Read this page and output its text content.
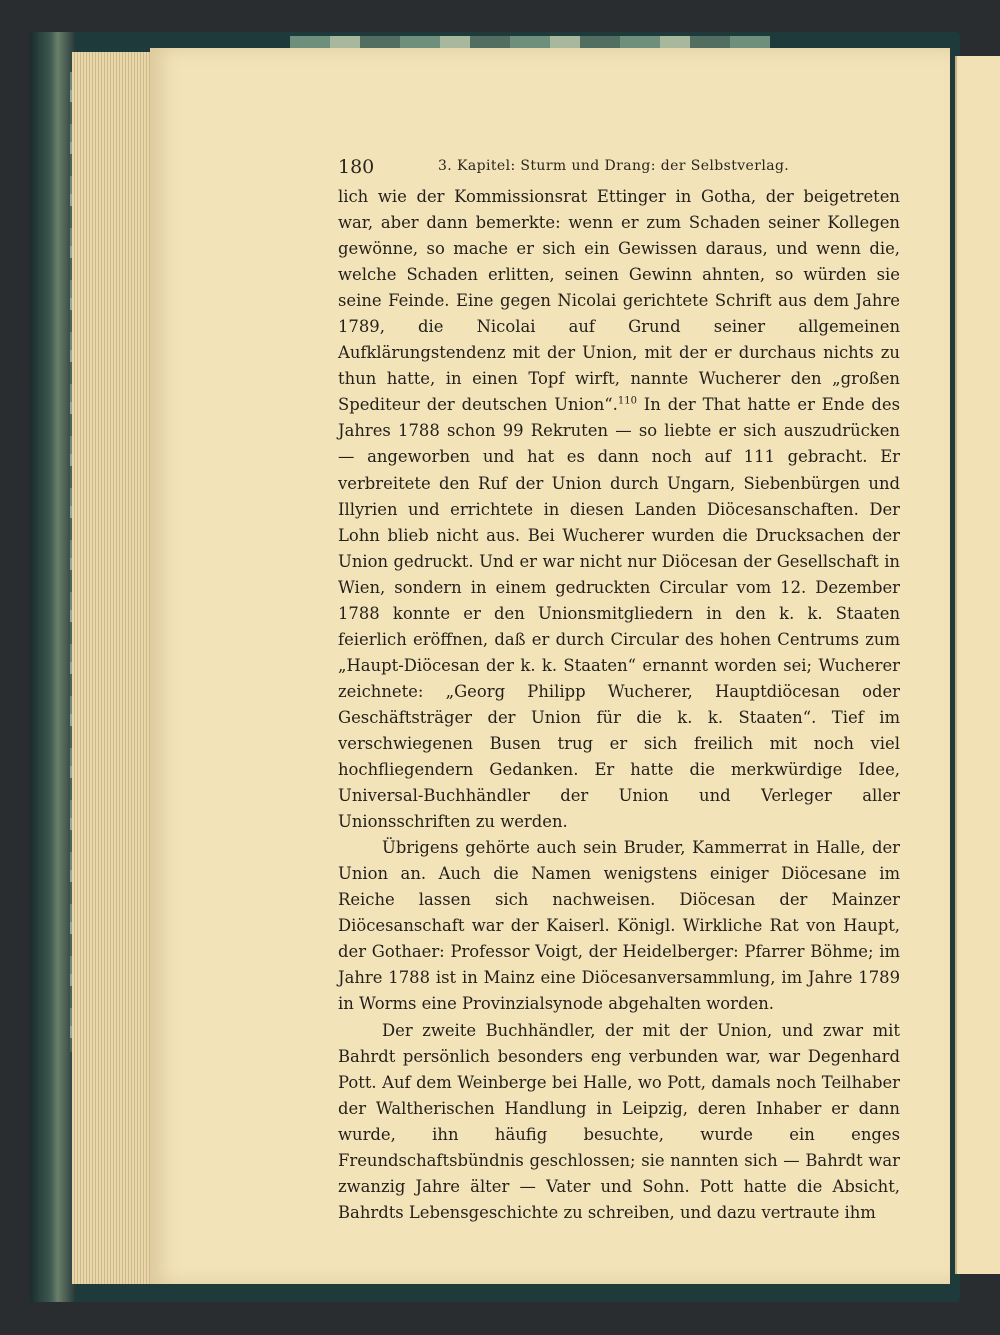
180	3. Kapitel: Sturm und Drang: der Selbstverlag.

lich wie der Kommissionsrat Ettinger in Gotha, der beigetreten war, aber dann bemerkte: wenn er zum Schaden seiner Kollegen gewönne, so mache er sich ein Gewissen daraus, und wenn die, welche Schaden erlitten, seinen Gewinn ahnten, so würden sie seine Feinde. Eine gegen Nicolai gerichtete Schrift aus dem Jahre 1789, die Nicolai auf Grund seiner allgemeinen Aufklärungstendenz mit der Union, mit der er durchaus nichts zu thun hatte, in einen Topf wirft, nannte Wucherer den „großen Spediteur der deutschen Union“.$^{110}$ In der That hatte er Ende des Jahres 1788 schon 99 Rekruten — so liebte er sich auszudrücken — angeworben und hat es dann noch auf 111 gebracht. Er verbreitete den Ruf der Union durch Ungarn, Siebenbürgen und Illyrien und errichtete in diesen Landen Diöcesanschaften. Der Lohn blieb nicht aus. Bei Wucherer wurden die Drucksachen der Union gedruckt. Und er war nicht nur Diöcesan der Gesellschaft in Wien, sondern in einem gedruckten Circular vom 12. Dezember 1788 konnte er den Unionsmitgliedern in den k. k. Staaten feierlich eröffnen, daß er durch Circular des hohen Centrums zum „Haupt-Diöcesan der k. k. Staaten“ ernannt worden sei; Wucherer zeichnete: „Georg Philipp Wucherer, Hauptdiöcesan oder Geschäftsträger der Union für die k. k. Staaten“. Tief im verschwiegenen Busen trug er sich freilich mit noch viel hochfliegendern Gedanken. Er hatte die merkwürdige Idee, Universal-Buchhändler der Union und Verleger aller Unionsschriften zu werden.

Übrigens gehörte auch sein Bruder, Kammerrat in Halle, der Union an. Auch die Namen wenigstens einiger Diöcesane im Reiche lassen sich nachweisen. Diöcesan der Mainzer Diöcesanschaft war der Kaiserl. Königl. Wirkliche Rat von Haupt, der Gothaer: Professor Voigt, der Heidelberger: Pfarrer Böhme; im Jahre 1788 ist in Mainz eine Diöcesanversammlung, im Jahre 1789 in Worms eine Provinzialsynode abgehalten worden.

Der zweite Buchhändler, der mit der Union, und zwar mit Bahrdt persönlich besonders eng verbunden war, war Degenhard Pott. Auf dem Weinberge bei Halle, wo Pott, damals noch Teilhaber der Waltherischen Handlung in Leipzig, deren Inhaber er dann wurde, ihn häufig besuchte, wurde ein enges Freundschaftsbündnis geschlossen; sie nannten sich — Bahrdt war zwanzig Jahre älter — Vater und Sohn. Pott hatte die Absicht, Bahrdts Lebensgeschichte zu schreiben, und dazu vertraute ihm
